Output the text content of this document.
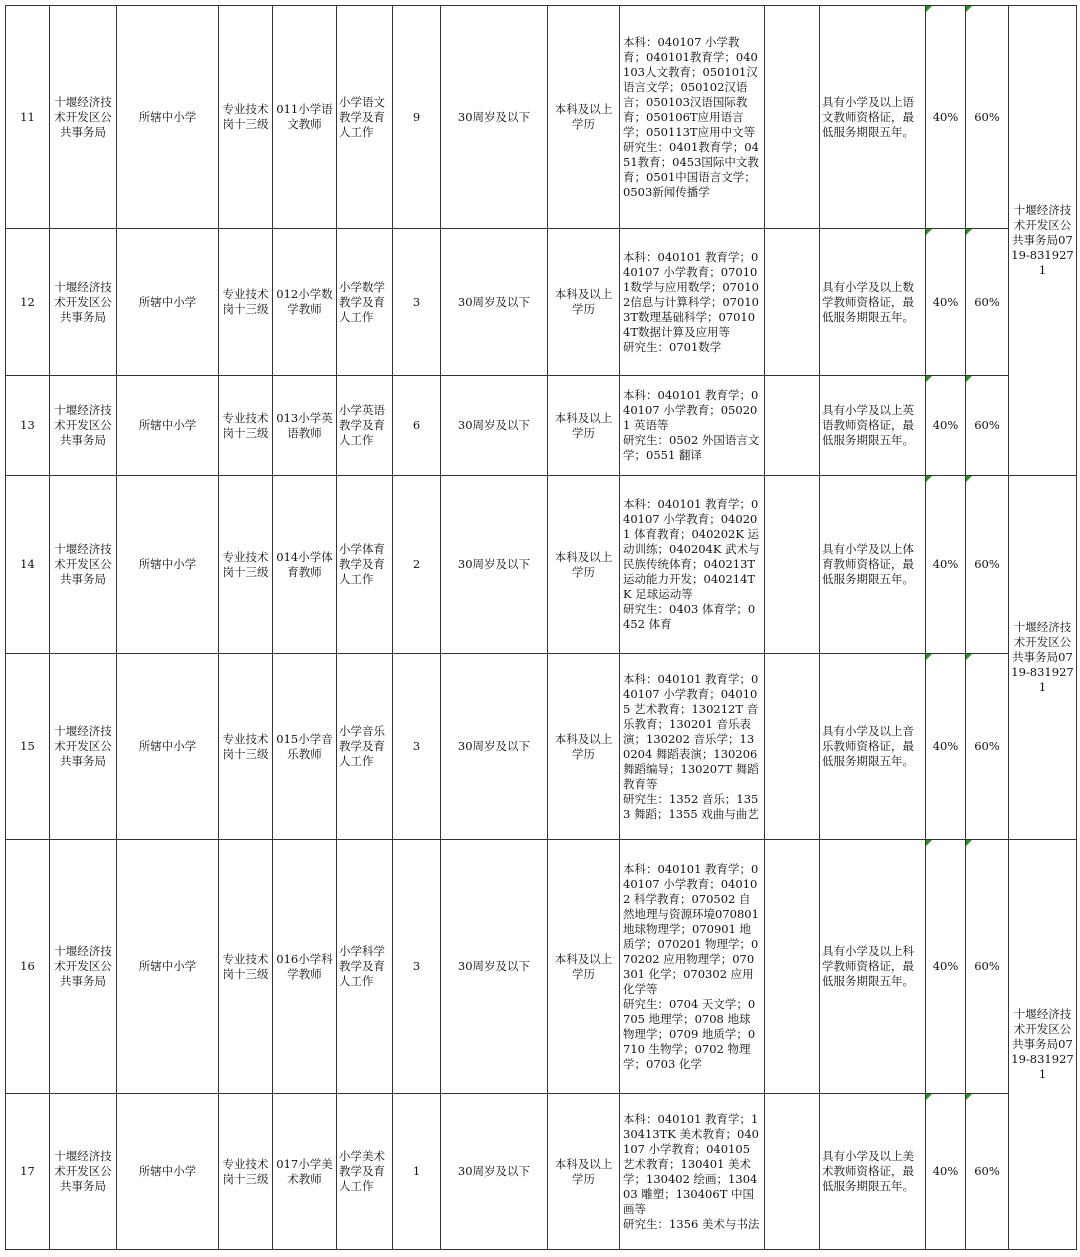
11	十堰经济技术开发区公共事务局	所辖中小学	专业技术岗十三级	011小学语文教师	小学语文教学及育人工作	9	30周岁及以下	本科及以上学历	本科：040107 小学教育；040101教育学；040103人文教育；050101汉语言文学；050102汉语言；050103汉语国际教育；050106T应用语言学；050113T应用中文等
研究生：0401教育学；0451教育；0453国际中文教育；0501中国语言文学；0503新闻传播学		具有小学及以上语文教师资格证，最低服务期限五年。	40%	60%	十堰经济技术开发区公共事务局0719-8319271
12	十堰经济技术开发区公共事务局	所辖中小学	专业技术岗十三级	012小学数学教师	小学数学教学及育人工作	3	30周岁及以下	本科及以上学历	本科：040101 教育学；040107 小学教育；070101数学与应用数学；070102信息与计算科学；070103T数理基础科学；070104T数据计算及应用等
研究生：0701数学		具有小学及以上数学教师资格证，最低服务期限五年。	40%	60%	
13	十堰经济技术开发区公共事务局	所辖中小学	专业技术岗十三级	013小学英语教师	小学英语教学及育人工作	6	30周岁及以下	本科及以上学历	本科：040101 教育学；040107 小学教育；050201 英语等
研究生：0502 外国语言文学；0551 翻译		具有小学及以上英语教师资格证，最低服务期限五年。	40%	60%	
14	十堰经济技术开发区公共事务局	所辖中小学	专业技术岗十三级	014小学体育教师	小学体育教学及育人工作	2	30周岁及以下	本科及以上学历	本科：040101 教育学；040107 小学教育；040201 体育教育；040202K 运动训练；040204K 武术与民族传统体育；040213T 运动能力开发；040214TK 足球运动等
研究生：0403 体育学；0452 体育		具有小学及以上体育教师资格证，最低服务期限五年。	40%	60%	十堰经济技术开发区公共事务局0719-8319271
15	十堰经济技术开发区公共事务局	所辖中小学	专业技术岗十三级	015小学音乐教师	小学音乐教学及育人工作	3	30周岁及以下	本科及以上学历	本科：040101 教育学；040107 小学教育；040105 艺术教育；130212T 音乐教育；130201 音乐表演；130202 音乐学；130204 舞蹈表演；130206 舞蹈编导；130207T 舞蹈教育等
研究生：1352 音乐；1353 舞蹈；1355 戏曲与曲艺		具有小学及以上音乐教师资格证，最低服务期限五年。	40%	60%	
16	十堰经济技术开发区公共事务局	所辖中小学	专业技术岗十三级	016小学科学教师	小学科学教学及育人工作	3	30周岁及以下	本科及以上学历	本科：040101 教育学；040107 小学教育；040102 科学教育；070502 自然地理与资源环境070801 地球物理学；070901 地质学；070201 物理学；070202 应用物理学；070301 化学；070302 应用化学等
研究生：0704 天文学；0705 地理学；0708 地球物理学；0709 地质学；0710 生物学；0702 物理学；0703 化学		具有小学及以上科学教师资格证，最低服务期限五年。	40%	60%	十堰经济技术开发区公共事务局0719-8319271
17	十堰经济技术开发区公共事务局	所辖中小学	专业技术岗十三级	017小学美术教师	小学美术教学及育人工作	1	30周岁及以下	本科及以上学历	本科：040101 教育学；130413TK 美术教育；040107 小学教育；040105 艺术教育；130401 美术学；130402 绘画；130403 雕塑；130406T 中国画等
研究生：1356 美术与书法		具有小学及以上美术教师资格证，最低服务期限五年。	40%	60%	
